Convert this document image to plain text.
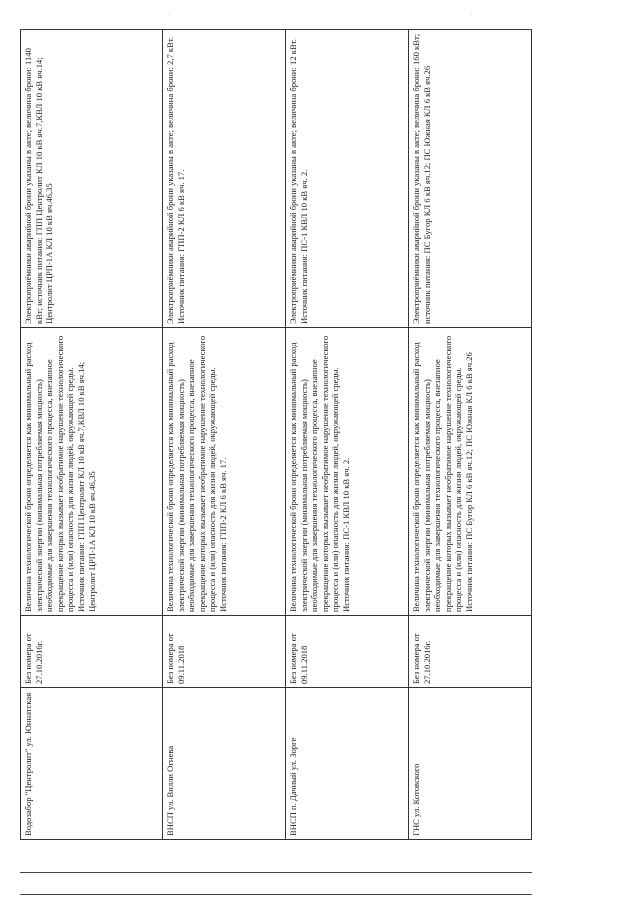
·	·
Водозабор "Центролит" ул. Юннатская	Без номера от 27.10.2016г.	Величина технологической брони определяется как минимальный расход электрической энергии (минимальная потребляемая мощность) необходимые для завершения технологического процесса, внезапное прекращение которых вызывает необратимое нарушение технологического процесса и (или) опасность для жизни людей, окружающей среды. Источник питания: ГПП Центролит КЛ 10 кВ яч.7,КВЛ 10 кВ яч.14; Центролит ЦРП-1А КЛ 10 кВ яч.46,35	Электроприёмники аварийной брони указаны в акте; величина брони: 1140 кВт; источник питания: ГПП Центролит КЛ 10 кВ яч.7,КВЛ 10 кВ яч.14; Центролит ЦРП-1А КЛ 10 кВ яч.46,35
ВНСП ул. Вилли Огнева	Без номера от 09.11.2018	Величина технологической брони определяется как минимальный расход электрической энергии (минимальная потребляемая мощность) необходимые для завершения технологического процесса, внезапное прекращение которых вызывает необратимое нарушение технологического процесса и (или) опасность для жизни людей, окружающей среды. Источник питания: ГПП-2 КЛ 6 кВ яч. 17.	Электроприёмники аварийной брони указаны в акте; величина брони: 2,7 кВт. Источник питания: ГПП-2 КЛ 6 кВ яч. 17.
ВНСП п. Дачный ул. Зорге	Без номера от 09.11.2018	Величина технологической брони определяется как минимальный расход электрической энергии (минимальная потребляемая мощность) необходимые для завершения технологического процесса, внезапное прекращение которых вызывает необратимое нарушение технологического процесса и (или) опасность для жизни людей, окружающей среды. Источник питания: ПС-1 КВЛ 10 кВ яч. 2.	Электроприёмники аварийной брони указаны в акте; величина брони: 12 кВт. Источник питания: ПС-1 КВЛ 10 кВ яч. 2.
ГНС ул. Котовского	Без номера от 27.10.2016г.	Величина технологической брони определяется как минимальный расход электрической энергии (минимальная потребляемая мощность) необходимые для завершения технологического процесса, внезапное прекращение которых вызывает необратимое нарушение технологического процесса и (или) опасность для жизни людей, окружающей среды. Источник питания: ПС Бугор КЛ 6 кВ яч.12; ПС Южная КЛ 6 кВ яч.26	Электроприёмники аварийной брони указаны в акте; величина брони: 160 кВт; источник питания: ПС Бугор КЛ 6 кВ яч.12; ПС Южная КЛ 6 кВ яч.26
